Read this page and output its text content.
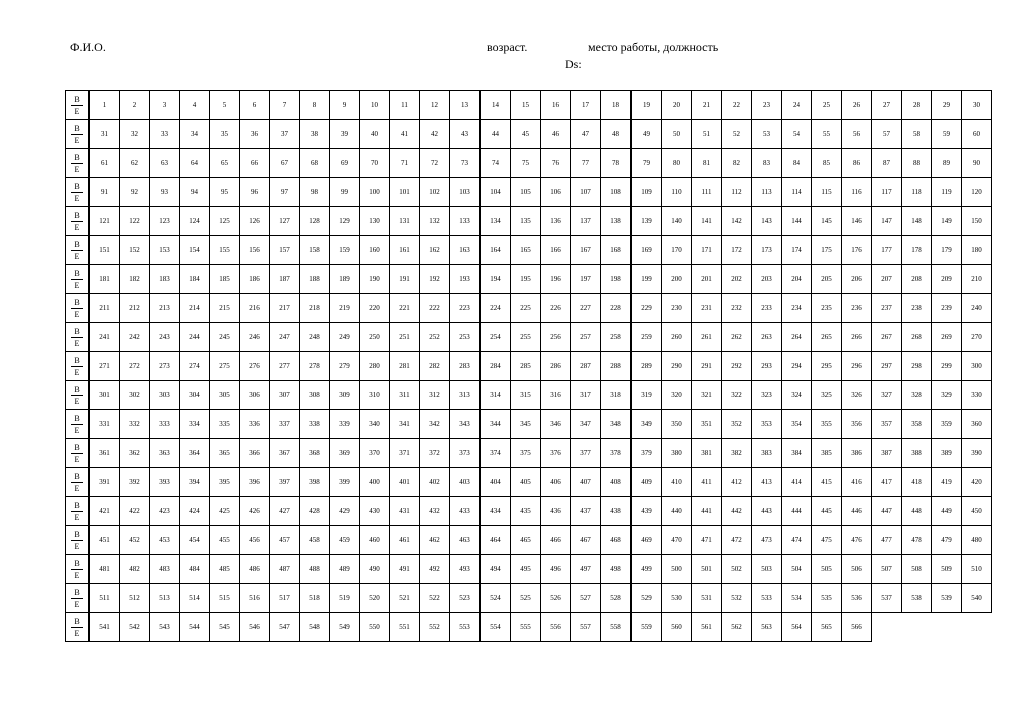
Ф.И.О.	возраст.	место работы, должность
Ds:
$\frac{B}{E}$	1	2	3	4	5	6	7	8	9	10	11	12	13	14	15	16	17	18	19	20	21	22	23	24	25	26	27	28	29	30
$\frac{B}{E}$	31	32	33	34	35	36	37	38	39	40	41	42	43	44	45	46	47	48	49	50	51	52	53	54	55	56	57	58	59	60
$\frac{B}{E}$	61	62	63	64	65	66	67	68	69	70	71	72	73	74	75	76	77	78	79	80	81	82	83	84	85	86	87	88	89	90
$\frac{B}{E}$	91	92	93	94	95	96	97	98	99	100	101	102	103	104	105	106	107	108	109	110	111	112	113	114	115	116	117	118	119	120
$\frac{B}{E}$	121	122	123	124	125	126	127	128	129	130	131	132	133	134	135	136	137	138	139	140	141	142	143	144	145	146	147	148	149	150
$\frac{B}{E}$	151	152	153	154	155	156	157	158	159	160	161	162	163	164	165	166	167	168	169	170	171	172	173	174	175	176	177	178	179	180
$\frac{B}{E}$	181	182	183	184	185	186	187	188	189	190	191	192	193	194	195	196	197	198	199	200	201	202	203	204	205	206	207	208	209	210
$\frac{B}{E}$	211	212	213	214	215	216	217	218	219	220	221	222	223	224	225	226	227	228	229	230	231	232	233	234	235	236	237	238	239	240
$\frac{B}{E}$	241	242	243	244	245	246	247	248	249	250	251	252	253	254	255	256	257	258	259	260	261	262	263	264	265	266	267	268	269	270
$\frac{B}{E}$	271	272	273	274	275	276	277	278	279	280	281	282	283	284	285	286	287	288	289	290	291	292	293	294	295	296	297	298	299	300
$\frac{B}{E}$	301	302	303	304	305	306	307	308	309	310	311	312	313	314	315	316	317	318	319	320	321	322	323	324	325	326	327	328	329	330
$\frac{B}{E}$	331	332	333	334	335	336	337	338	339	340	341	342	343	344	345	346	347	348	349	350	351	352	353	354	355	356	357	358	359	360
$\frac{B}{E}$	361	362	363	364	365	366	367	368	369	370	371	372	373	374	375	376	377	378	379	380	381	382	383	384	385	386	387	388	389	390
$\frac{B}{E}$	391	392	393	394	395	396	397	398	399	400	401	402	403	404	405	406	407	408	409	410	411	412	413	414	415	416	417	418	419	420
$\frac{B}{E}$	421	422	423	424	425	426	427	428	429	430	431	432	433	434	435	436	437	438	439	440	441	442	443	444	445	446	447	448	449	450
$\frac{B}{E}$	451	452	453	454	455	456	457	458	459	460	461	462	463	464	465	466	467	468	469	470	471	472	473	474	475	476	477	478	479	480
$\frac{B}{E}$	481	482	483	484	485	486	487	488	489	490	491	492	493	494	495	496	497	498	499	500	501	502	503	504	505	506	507	508	509	510
$\frac{B}{E}$	511	512	513	514	515	516	517	518	519	520	521	522	523	524	525	526	527	528	529	530	531	532	533	534	535	536	537	538	539	540
$\frac{B}{E}$	541	542	543	544	545	546	547	548	549	550	551	552	553	554	555	556	557	558	559	560	561	562	563	564	565	566				
